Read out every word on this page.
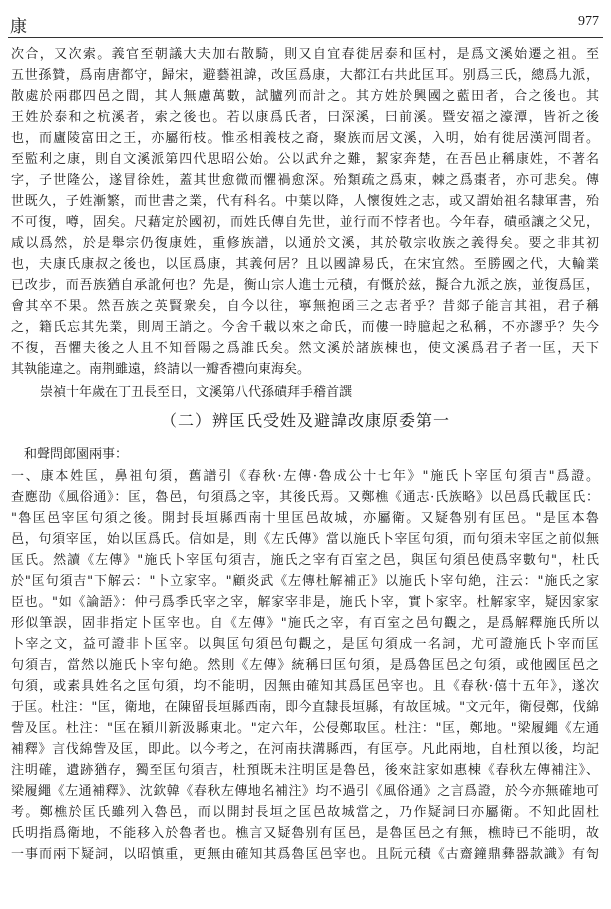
康	977
次合，又次索。義官至朝議大夫加右散騎，則又自宜春徙居泰和匡村，是爲文溪始遷之祖。至
五世孫贊，爲南唐都守，歸宋，避藝祖諱，改匡爲康，大都江右共此匡耳。别爲三氏，總爲九派，
散處於兩郡四邑之間，其人無慮萬數，試臚列而計之。其方姓於興國之藍田者，合之後也。其
王姓於泰和之杭溪者，索之後也。若以康爲氏者，曰深溪，曰前溪。暨安福之濠潭，皆祈之後
也，而廬陵富田之王，亦屬衎枝。惟丞相義枝之裔，聚族而居文溪，入明，始有徙居漢河間者。
至監利之康，則自文溪派第四代思昭公始。公以武弁之難，絜家奔楚，在吾邑止稱康姓，不著名
字，子世隆公，遂冒徐姓，蓋其世愈微而懼禍愈深。殆類疏之爲束，棘之爲棗者，亦可悲矣。傳
世既久，子姓漸繁，而世書之業，代有科名。中葉以降，人懷復姓之志，或又謂始祖名隸軍書，殆
不可復，噂，固矣。尺藉定於國初，而姓氏傳自先世，並行而不悖者也。今年春，磧亟讓之父兄，
咸以爲然，於是舉宗仍復康姓，重修族譜，以通於文溪，其於敬宗收族之義得矣。要之非其初
也，夫康氏康叔之後也，以匡爲康，其義何居？且以國諱易氏，在宋宜然。至勝國之代，大輪業
已改步，而吾族猶自承訛何也？先是，衡山宗人進士元積，有慨於兹，擬合九派之族，並復爲匡，
會其卒不果。然吾族之英賢衆矣，自今以往，寧無抱函三之志者乎？昔郯子能言其祖，君子稱
之，籍氏忘其先業，則周王誚之。今舍千載以來之命氏，而僂一時臆起之私稱，不亦謬乎？失今
不復，吾懼夫後之人且不知晉陽之爲誰氏矣。然文溪於諸族棟也，使文溪爲君子者一匡，天下
其執能違之。南荆雖遠，終請以一瓣香禮向東海矣。
崇禎十年歲在丁丑長至日，文溪第八代孫磧拜手稽首譔
（二）辨匡氏受姓及避諱改康原委第一
和聲問郎園兩事：
一、康本姓匡，鼻祖句須，舊譜引《春秋·左傳·魯成公十七年》"施氏卜宰匡句須吉"爲證。
查應劭《風俗通》：匡，魯邑，句須爲之宰，其後氏焉。又鄭樵《通志·氏族略》以邑爲氏載匡氏：
"魯匡邑宰匡句須之後。開封長垣縣西南十里匡邑故城，亦屬衛。又疑魯别有匡邑。"是匡本魯
邑，句須宰匡，始以匡爲氏。信如是，則《左氏傳》當以施氏卜宰匡句須，而句須未宰匡之前似無
匡氏。然讀《左傳》"施氏卜宰匡句須吉，施氏之宰有百室之邑，與匡句須邑使爲宰數句"，杜氏
於"匡句須吉"下解云："卜立家宰。"顧炎武《左傳杜解補正》以施氏卜宰句絶，注云："施氏之家
臣也。"如《論語》：仲弓爲季氏宰之宰，解家宰非是，施氏卜宰，實卜家宰。杜解家宰，疑因家家
形似筆誤，固非指定卜匡宰也。自《左傳》"施氏之宰，有百室之邑句觀之，是爲解釋施氏所以
卜宰之文，益可證非卜匡宰。以與匡句須邑句觀之，是匡句須成一名詞，尤可證施氏卜宰而匡
句須吉，當然以施氏卜宰句絶。然則《左傳》統稱曰匡句須，是爲魯匡邑之句須，或他國匡邑之
句須，或素具姓名之匡句須，均不能明，因無由確知其爲匡邑宰也。且《春秋·僖十五年》，遂次
于匡。杜注："匡，衛地，在陳留長垣縣西南，即今直隸長垣縣，有故匡城。"文元年，衛侵鄭，伐綿
訾及匡。杜注："匡在潁川新汲縣東北。"定六年，公侵鄭取匡。杜注："匡，鄭地。"梁履繩《左通
補釋》言伐綿訾及匡，即此。以今考之，在河南扶溝縣西，有匡亭。凡此兩地，自杜預以後，均記
注明確，遺跡猶存，獨至匡句須吉，杜預既未注明匡是魯邑，後來註家如惠棟《春秋左傳補注》、
梁履繩《左通補釋》、沈欽韓《春秋左傳地名補注》均不過引《風俗通》之言爲證，於今亦無確地可
考。鄭樵於匡氏雖列入魯邑，而以開封長垣之匡邑故城當之，乃作疑詞曰亦屬衛。不知此固杜
氏明指爲衛地，不能移入於魯者也。樵言又疑魯别有匡邑，是魯匡邑之有無，樵時已不能明，故
一事而兩下疑詞，以昭慎重，更無由確知其爲魯匡邑宰也。且阮元積《古齋鐘鼎彝器款識》有匌
